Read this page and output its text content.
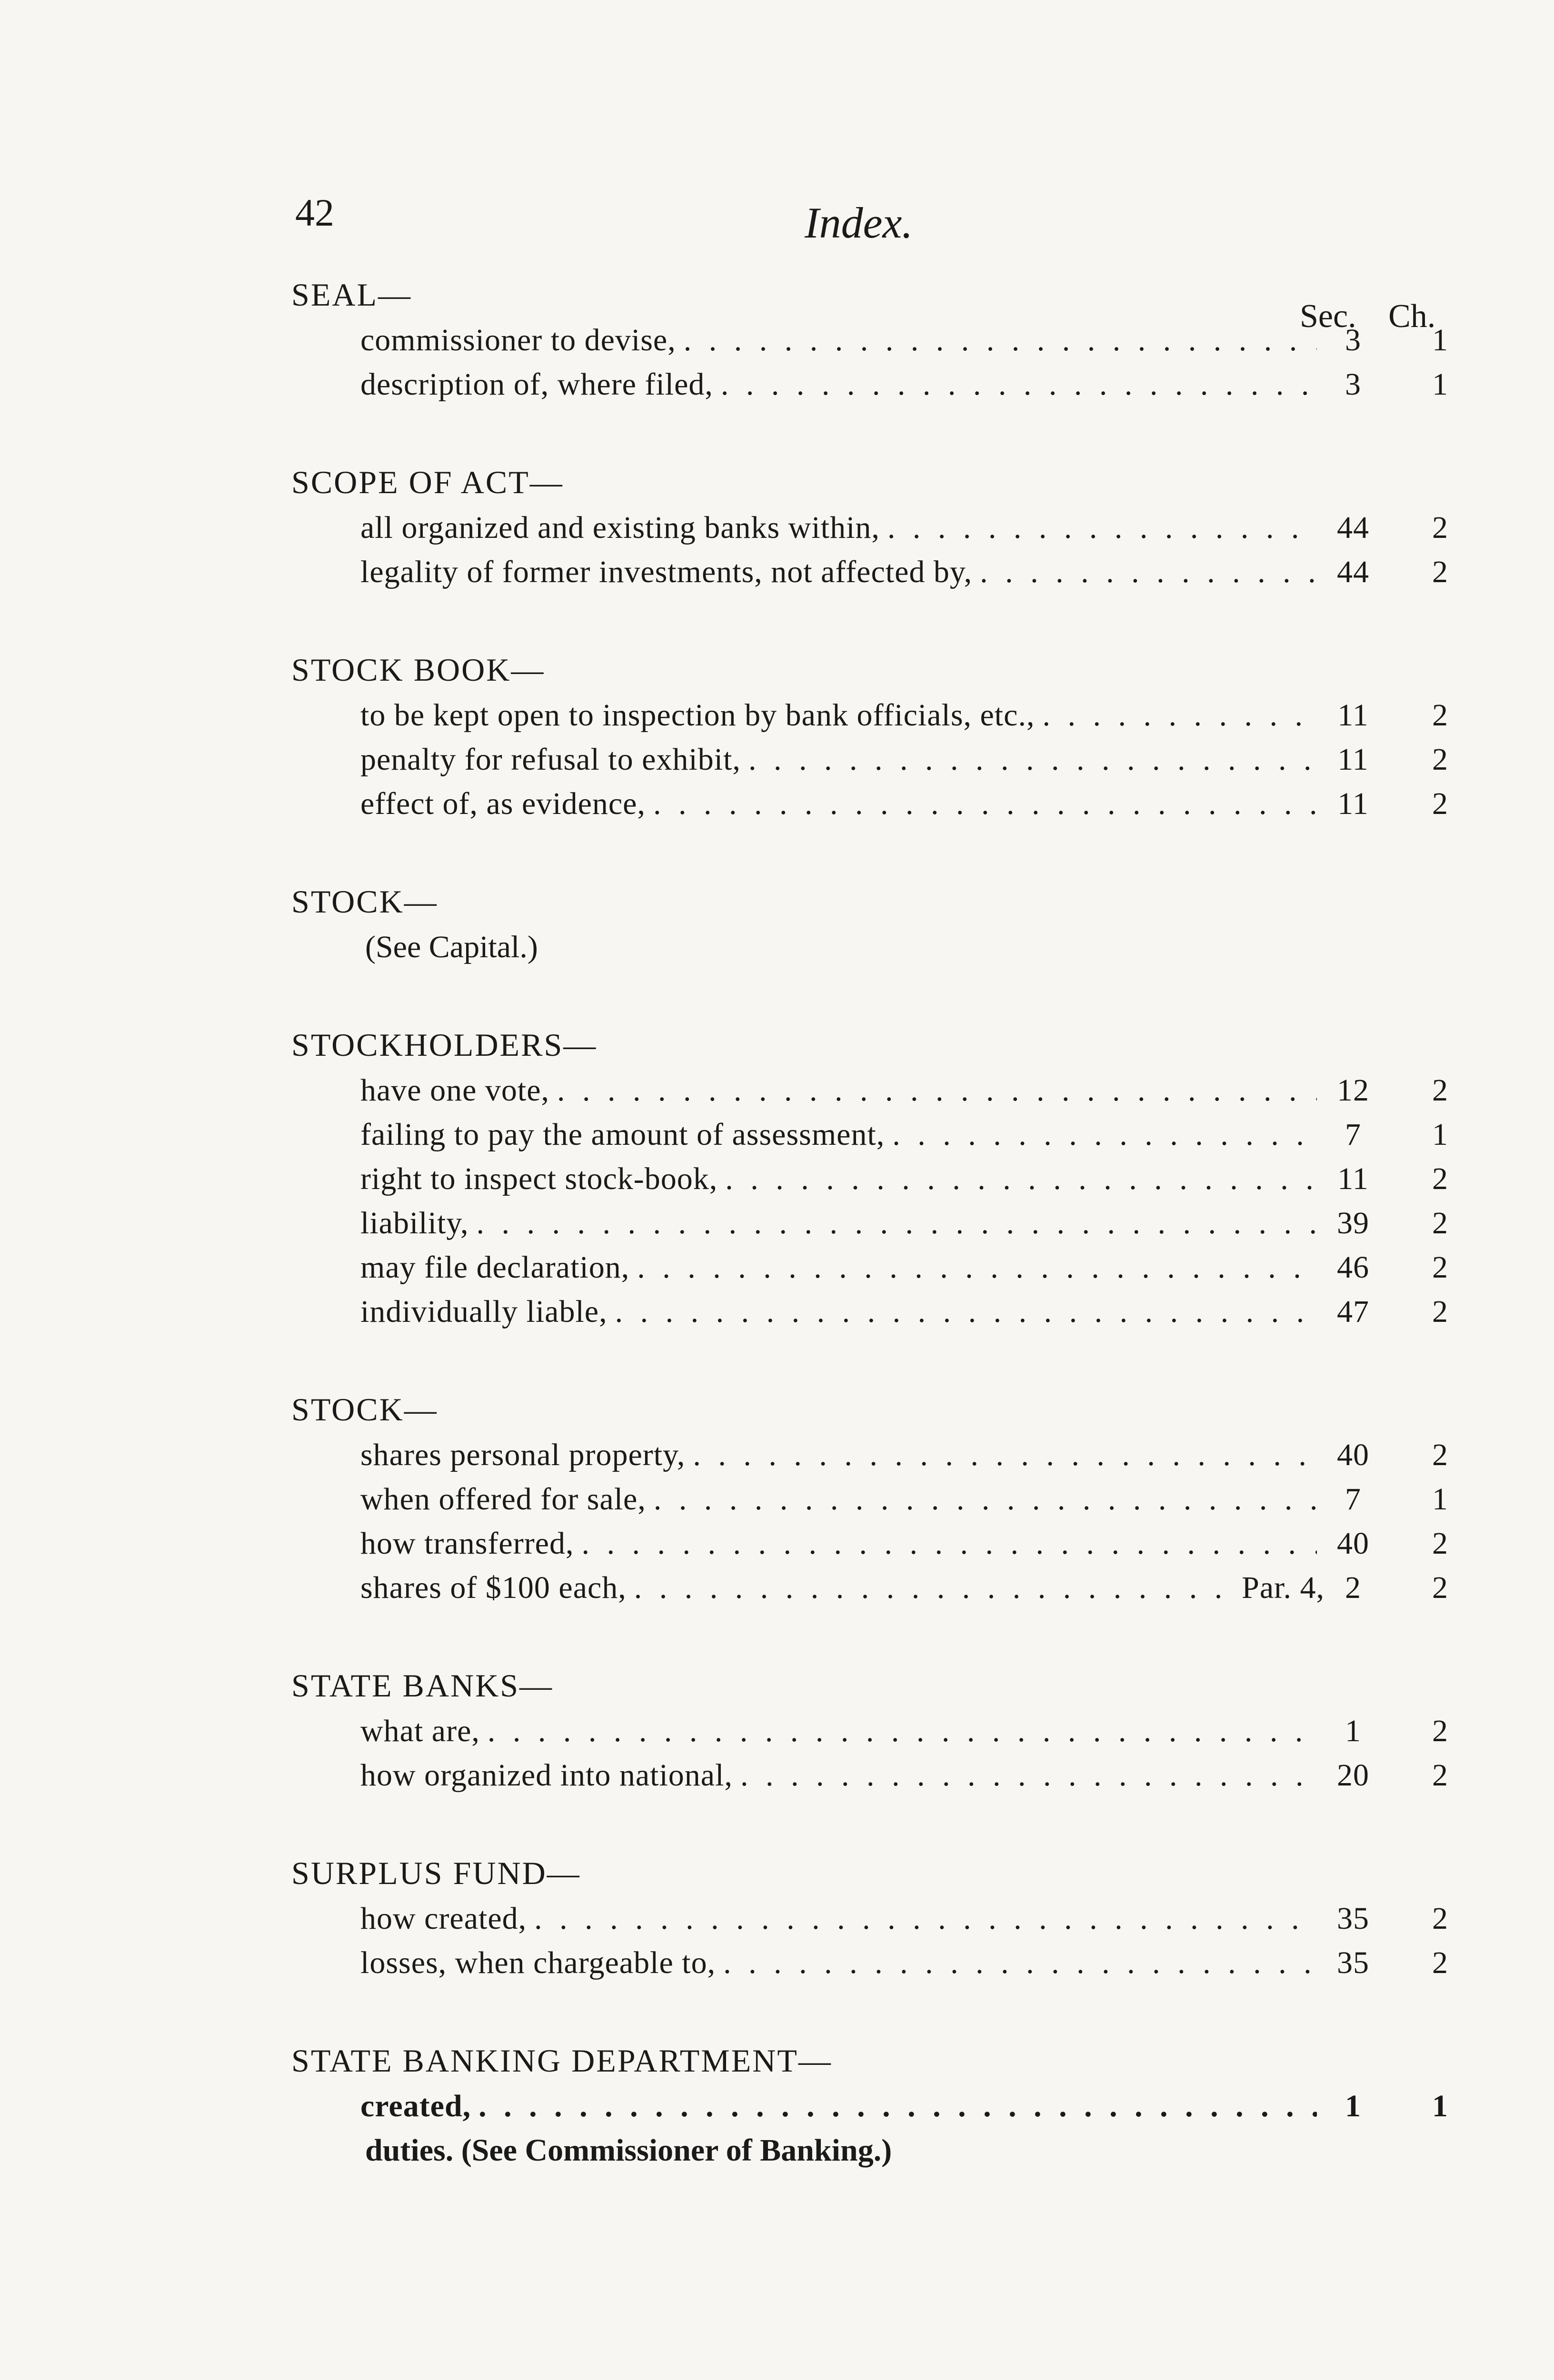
42	Index.
Sec. Ch.
SEAL—
commissioner to devise, . . .	3	1
description of, where filed, . . .	3	1
SCOPE OF ACT—
all organized and existing banks within, . . .	44	2
legality of former investments, not affected by, . . .	44	2
STOCK BOOK—
to be kept open to inspection by bank officials, etc., . . .	11	2
penalty for refusal to exhibit, . . .	11	2
effect of, as evidence, . . .	11	2
STOCK—
(See Capital.)
STOCKHOLDERS—
have one vote, . . .	12	2
failing to pay the amount of assessment, . . .	7	1
right to inspect stock-book, . . .	11	2
liability, . . .	39	2
may file declaration, . . .	46	2
individually liable, . . .	47	2
STOCK—
shares personal property, . . .	40	2
when offered for sale, . . .	7	1
how transferred, . . .	40	2
shares of $100 each, . . .	Par. 4, 2	2
STATE BANKS—
what are, . . .	1	2
how organized into national, . . .	20	2
SURPLUS FUND—
how created, . . .	35	2
losses, when chargeable to, . . .	35	2
STATE BANKING DEPARTMENT—
created, . . .	1	1
duties. (See Commissioner of Banking.)
